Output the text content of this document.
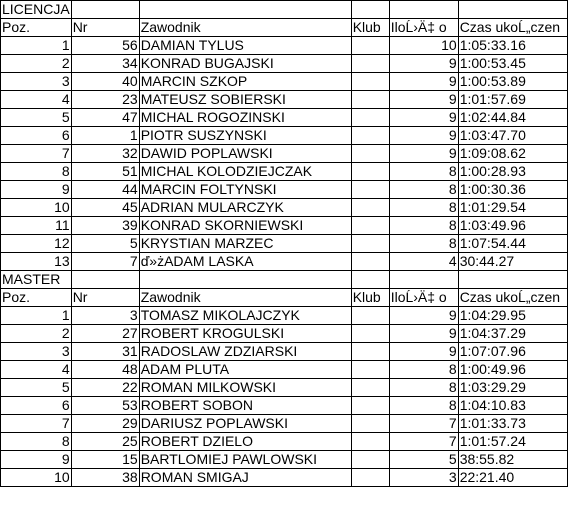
LICENCJA					
Poz.	Nr	Zawodnik	Klub	IloĹ›Ä‡ o	Czas ukoĹ„czen
1	56	DAMIAN TYLUS		10	1:05:33.16
2	34	KONRAD BUGAJSKI		9	1:00:53.45
3	40	MARCIN SZKOP		9	1:00:53.89
4	23	MATEUSZ SOBIERSKI		9	1:01:57.69
5	47	MICHAL ROGOZINSKI		9	1:02:44.84
6	1	PIOTR SUSZYNSKI		9	1:03:47.70
7	32	DAWID POPLAWSKI		9	1:09:08.62
8	51	MICHAL KOLODZIEJCZAK		8	1:00:28.93
9	44	MARCIN FOLTYNSKI		8	1:00:30.36
10	45	ADRIAN MULARCZYK		8	1:01:29.54
11	39	KONRAD SKORNIEWSKI		8	1:03:49.96
12	5	KRYSTIAN MARZEC		8	1:07:54.44
13	7	ď»żADAM LASKA		4	30:44.27
MASTER					
Poz.	Nr	Zawodnik	Klub	IloĹ›Ä‡ o	Czas ukoĹ„czen
1	3	TOMASZ MIKOLAJCZYK		9	1:04:29.95
2	27	ROBERT KROGULSKI		9	1:04:37.29
3	31	RADOSLAW ZDZIARSKI		9	1:07:07.96
4	48	ADAM PLUTA		8	1:00:49.96
5	22	ROMAN MILKOWSKI		8	1:03:29.29
6	53	ROBERT SOBON		8	1:04:10.83
7	29	DARIUSZ POPLAWSKI		7	1:01:33.73
8	25	ROBERT DZIELO		7	1:01:57.24
9	15	BARTLOMIEJ PAWLOWSKI		5	38:55.82
10	38	ROMAN SMIGAJ		3	22:21.40
